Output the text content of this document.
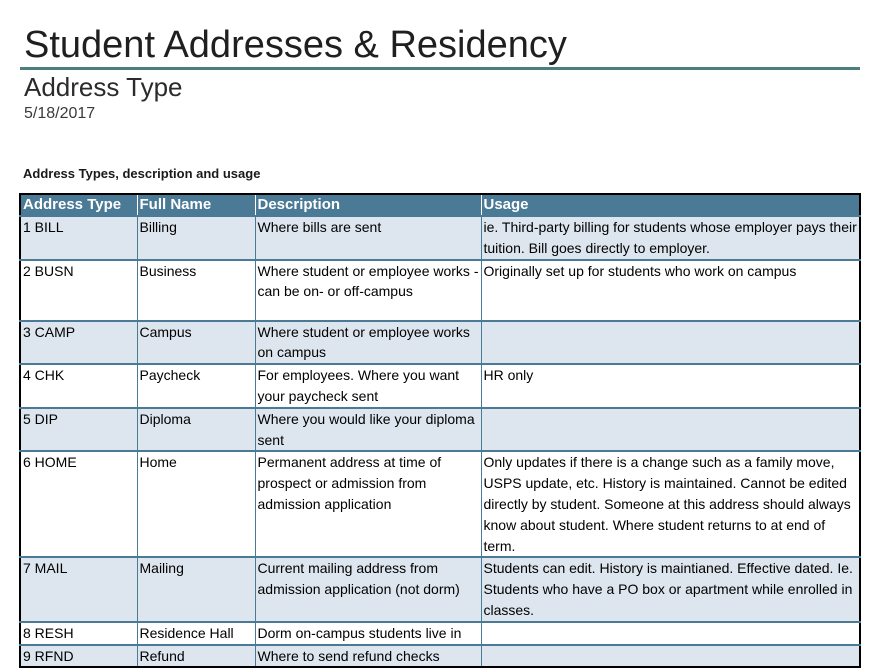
Student Addresses & Residency
Address Type
5/18/2017
Address Types, description and usage
Address Type	Full Name	Description	Usage
1 BILL	Billing	Where bills are sent	ie. Third-party billing for students whose employer pays their tuition. Bill goes directly to employer.
2 BUSN	Business	Where student or employee works - can be on- or off-campus	Originally set up for students who work on campus
3 CAMP	Campus	Where student or employee works on campus	
4 CHK	Paycheck	For employees. Where you want your paycheck sent	HR only
5 DIP	Diploma	Where you would like your diploma sent	
6 HOME	Home	Permanent address at time of prospect or admission from admission application	Only updates if there is a change such as a family move, USPS update, etc. History is maintained. Cannot be edited directly by student. Someone at this address should always know about student. Where student returns to at end of term.
7 MAIL	Mailing	Current mailing address from admission application (not dorm)	Students can edit. History is maintianed. Effective dated. Ie. Students who have a PO box or apartment while enrolled in classes.
8 RESH	Residence Hall	Dorm on-campus students live in	
9 RFND	Refund	Where to send refund checks	
